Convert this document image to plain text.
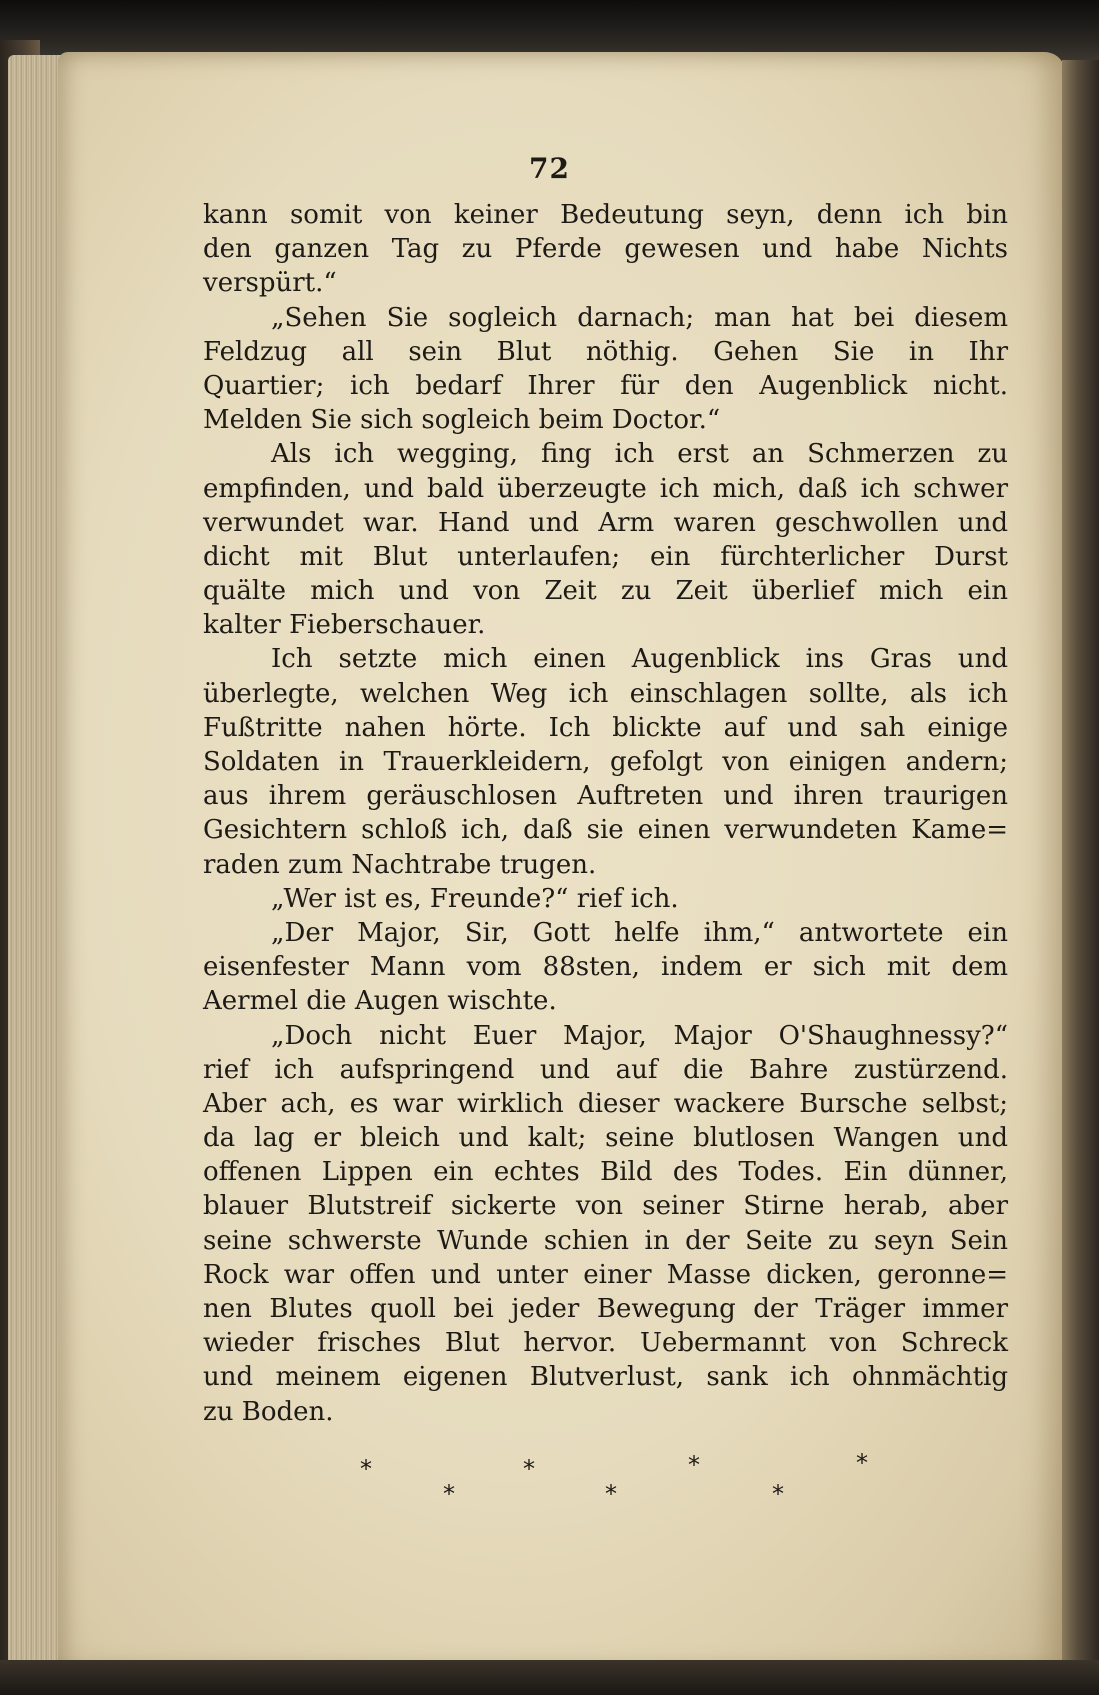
72
kann somit von keiner Bedeutung seyn, denn ich bin
den ganzen Tag zu Pferde gewesen und habe Nichts
verspürt.“
„Sehen Sie sogleich darnach; man hat bei diesem
Feldzug all sein Blut nöthig. Gehen Sie in Ihr
Quartier; ich bedarf Ihrer für den Augenblick nicht.
Melden Sie sich sogleich beim Doctor.“
Als ich wegging, fing ich erst an Schmerzen zu
empfinden, und bald überzeugte ich mich, daß ich schwer
verwundet war. Hand und Arm waren geschwollen und
dicht mit Blut unterlaufen; ein fürchterlicher Durst
quälte mich und von Zeit zu Zeit überlief mich ein
kalter Fieberschauer.
Ich setzte mich einen Augenblick ins Gras und
überlegte, welchen Weg ich einschlagen sollte, als ich
Fußtritte nahen hörte. Ich blickte auf und sah einige
Soldaten in Trauerkleidern, gefolgt von einigen andern;
aus ihrem geräuschlosen Auftreten und ihren traurigen
Gesichtern schloß ich, daß sie einen verwundeten Kame=
raden zum Nachtrabe trugen.
„Wer ist es, Freunde?“ rief ich.
„Der Major, Sir, Gott helfe ihm,“ antwortete ein
eisenfester Mann vom 88sten, indem er sich mit dem
Aermel die Augen wischte.
„Doch nicht Euer Major, Major O'Shaughnessy?“
rief ich aufspringend und auf die Bahre zustürzend.
Aber ach, es war wirklich dieser wackere Bursche selbst;
da lag er bleich und kalt; seine blutlosen Wangen und
offenen Lippen ein echtes Bild des Todes. Ein dünner,
blauer Blutstreif sickerte von seiner Stirne herab, aber
seine schwerste Wunde schien in der Seite zu seyn Sein
Rock war offen und unter einer Masse dicken, geronne=
nen Blutes quoll bei jeder Bewegung der Träger immer
wieder frisches Blut hervor. Uebermannt von Schreck
und meinem eigenen Blutverlust, sank ich ohnmächtig
zu Boden.
*
*
*
*
*
*
*
